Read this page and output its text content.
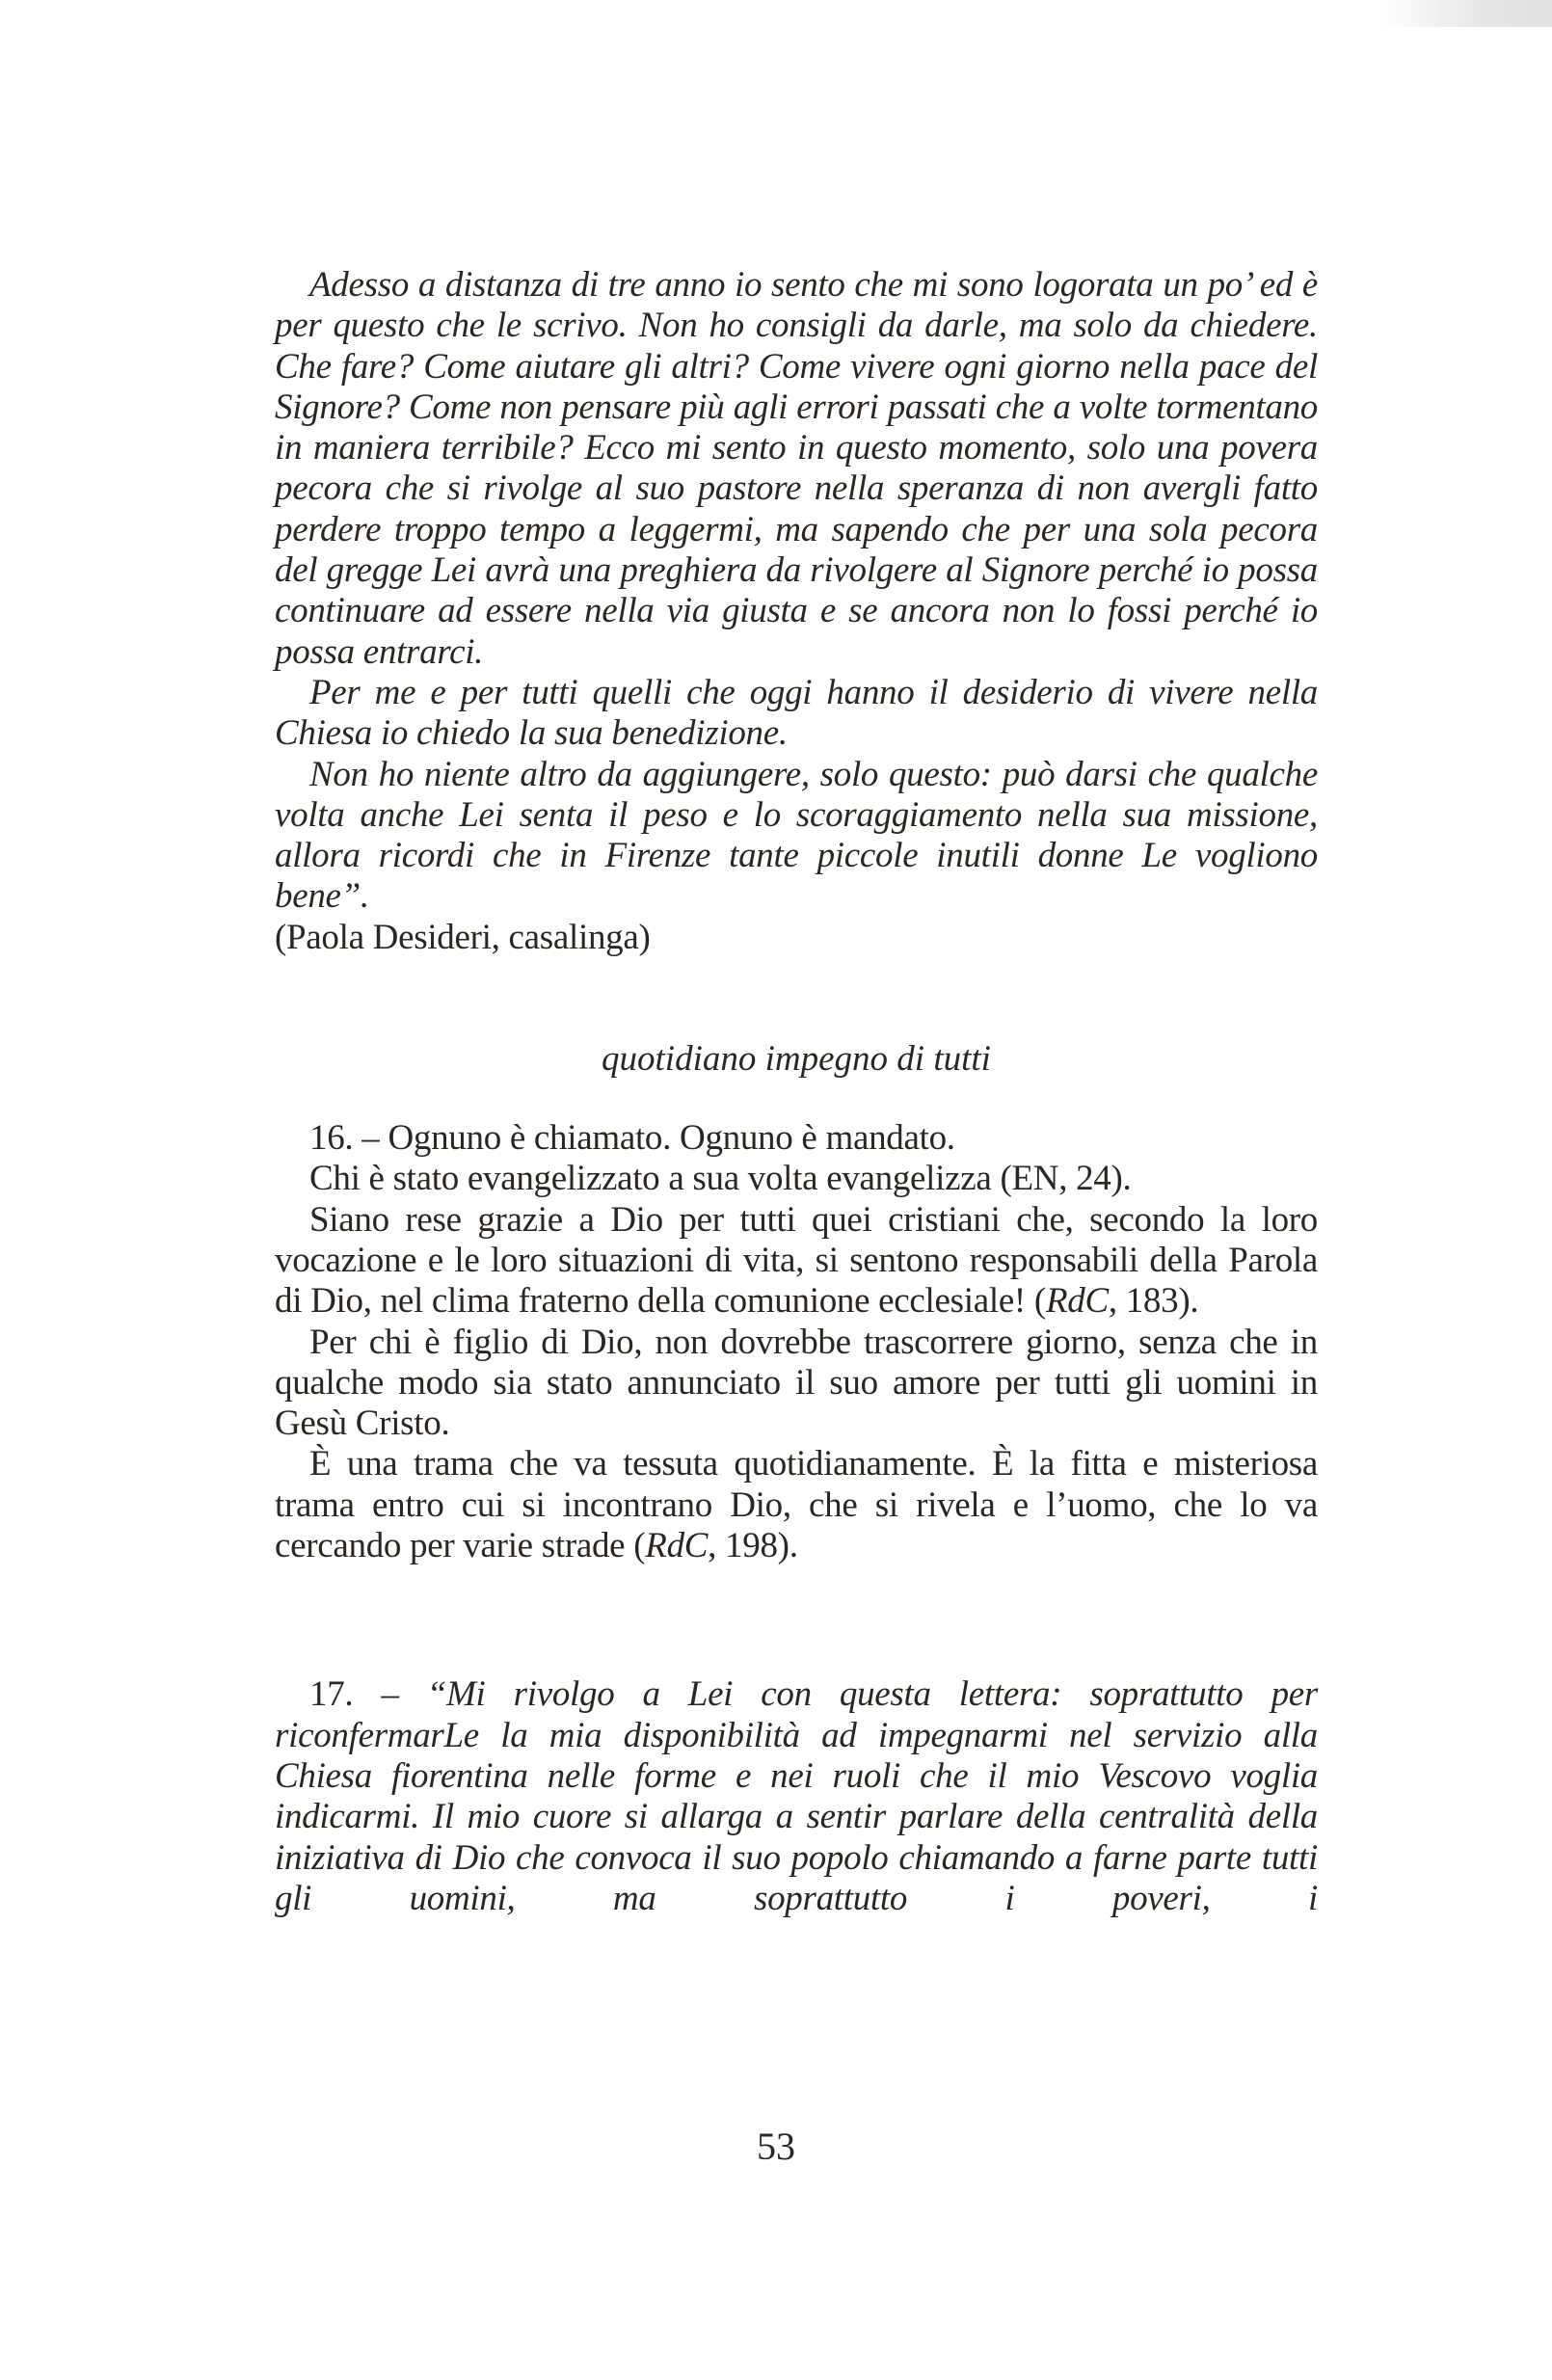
Adesso a distanza di tre anno io sento che mi sono logorata un po’ ed è per questo che le scrivo. Non ho consigli da darle, ma solo da chiedere. Che fare? Come aiutare gli altri? Come vivere ogni giorno nella pace del Signore? Come non pensare più agli errori passati che a volte tormentano in maniera terribile? Ecco mi sento in questo momento, solo una povera pecora che si rivolge al suo pastore nella speranza di non avergli fatto perdere troppo tempo a leggermi, ma sapendo che per una sola pecora del gregge Lei avrà una preghiera da rivolgere al Signore perché io possa continuare ad essere nella via giusta e se ancora non lo fossi perché io possa entrarci.

Per me e per tutti quelli che oggi hanno il desiderio di vivere nella Chiesa io chiedo la sua benedizione.

Non ho niente altro da aggiungere, solo questo: può darsi che qualche volta anche Lei senta il peso e lo scoraggiamento nella sua missione, allora ricordi che in Firenze tante piccole inutili donne Le vogliono bene”.

(Paola Desideri, casalinga)

quotidiano impegno di tutti

16. – Ognuno è chiamato. Ognuno è mandato.

Chi è stato evangelizzato a sua volta evangelizza (EN, 24).

Siano rese grazie a Dio per tutti quei cristiani che, secondo la loro vocazione e le loro situazioni di vita, si sentono responsabili della Parola di Dio, nel clima fraterno della comunione ecclesiale! (RdC, 183).

Per chi è figlio di Dio, non dovrebbe trascorrere giorno, senza che in qualche modo sia stato annunciato il suo amore per tutti gli uomini in Gesù Cristo.

È una trama che va tessuta quotidianamente. È la fitta e misteriosa trama entro cui si incontrano Dio, che si rivela e l’uomo, che lo va cercando per varie strade (RdC, 198).

17. – “Mi rivolgo a Lei con questa lettera: soprattutto per riconfermarLe la mia disponibilità ad impegnarmi nel servizio alla Chiesa fiorentina nelle forme e nei ruoli che il mio Vescovo voglia indicarmi. Il mio cuore si allarga a sentir parlare della centralità della iniziativa di Dio che convoca il suo popolo chiamando a farne parte tutti gli uomini, ma soprattutto i poveri, i

53
